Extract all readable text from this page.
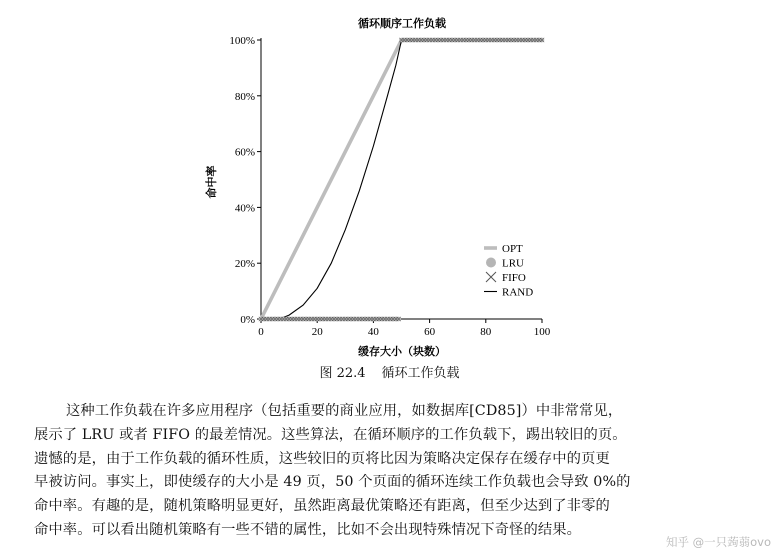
循环顺序工作负载
0	20	40	60	80	100
0%
20%
40%
60%
80%
100%
命中率
缓存大小（块数）
OPT
LRU
FIFO
RAND
图 22.4 循环工作负载
这种工作负载在许多应用程序（包括重要的商业应用，如数据库[CD85]）中非常常见，
展示了 LRU 或者 FIFO 的最差情况。这些算法，在循环顺序的工作负载下，踢出较旧的页。
遗憾的是，由于工作负载的循环性质，这些较旧的页将比因为策略决定保存在缓存中的页更
早被访问。事实上，即使缓存的大小是 49 页，50 个页面的循环连续工作负载也会导致 0%的
命中率。有趣的是，随机策略明显更好，虽然距离最优策略还有距离，但至少达到了非零的
命中率。可以看出随机策略有一些不错的属性，比如不会出现特殊情况下奇怪的结果。
知乎 @一只蒟蒻ovo
